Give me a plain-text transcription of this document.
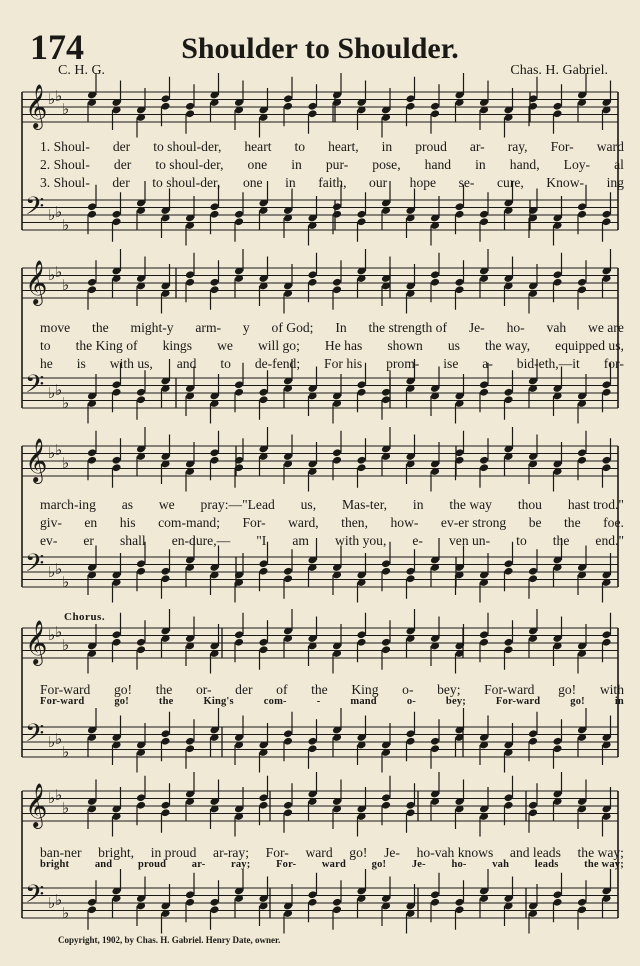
174	Shoulder to Shoulder.
C. H. G.	Chas. H. Gabriel.
Chorus.
Copyright, 1902, by Chas. H. Gabriel. Henry Date, owner.
𝄞
𝄢
♭
♭
♭
♭
♭
♭
1. Shoul- der to shoul-der, heart to heart, in proud ar- ray, For- ward
2. Shoul- der to shoul-der, one in pur- pose, hand in hand, Loy- al
3. Shoul- der to shoul-der, one in faith, our hope se- cure, Know- ing
𝄞
𝄢
♭
♭
♭
♭
♭
♭
move the might-y arm- y of God; In the strength of Je- ho- vah we are
to the King of kings we will go; He has shown us the way, equipped us,
he is with us, and to de-fend; For his prom- ise a- bid-eth,—it for-
𝄞
𝄢
♭
♭
♭
♭
♭
♭
march-ing as we pray:—"Lead us, Mas-ter, in the way thou hast trod."
giv- en his com-mand; For- ward, then, how- ev-er strong be the foe.
ev- er shall en-dure,— "I am with you, e- ven un- to the end."
𝄞
𝄢
♭
♭
♭
♭
♭
♭
For-ward go! the or- der of the King o- bey; For-ward go! with
For-ward	go!	the	King's	com-	-	mand	o-	bey;	For-ward	go!	in
𝄞
𝄢
♭
♭
♭
♭
♭
♭
ban-ner bright, in proud ar-ray; For- ward go! Je- ho-vah knows and leads the way;
bright and proud ar- ray; For- ward go! Je- ho- vah leads the way;
